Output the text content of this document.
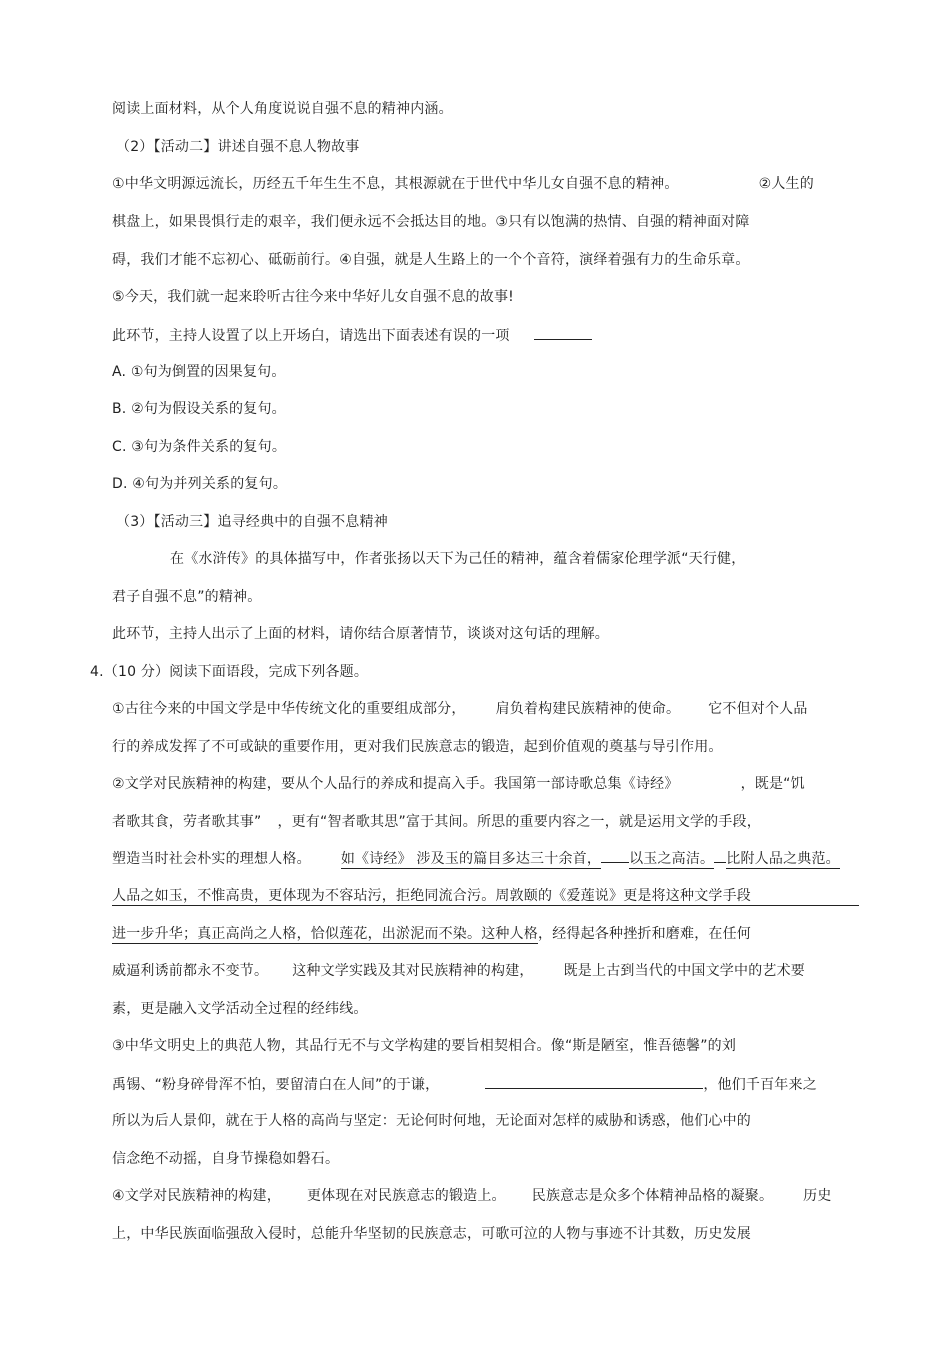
阅读上面材料，从个人角度说说自强不息的精神内涵。
（2）【活动二】讲述自强不息人物故事
①中华文明源远流长，历经五千年生生不息，其根源就在于世代中华儿女自强不息的精神。	②人生的
棋盘上，如果畏惧行走的艰辛，我们便永远不会抵达目的地。③只有以饱满的热情、自强的精神面对障
碍，我们才能不忘初心、砥砺前行。④自强，就是人生路上的一个个音符，演绎着强有力的生命乐章。
⑤今天，我们就一起来聆听古往今来中华好儿女自强不息的故事!
此环节，主持人设置了以上开场白，请选出下面表述有误的一项
A. ①句为倒置的因果复句。
B. ②句为假设关系的复句。
C. ③句为条件关系的复句。
D. ④句为并列关系的复句。
（3）【活动三】追寻经典中的自强不息精神
在《水浒传》的具体描写中，作者张扬以天下为己任的精神，蕴含着儒家伦理学派“天行健，
君子自强不息”的精神。
此环节，主持人出示了上面的材料，请你结合原著情节，谈谈对这句话的理解。
4.（10 分）阅读下面语段，完成下列各题。
①古往今来的中国文学是中华传统文化的重要组成部分， 肩负着构建民族精神的使命。 它不但对个人品
行的养成发挥了不可或缺的重要作用，更对我们民族意志的锻造，起到价值观的奠基与导引作用。
②文学对民族精神的构建，要从个人品行的养成和提高入手。我国第一部诗歌总集《诗经》	，既是“饥
者歌其食，劳者歌其事” ，更有“智者歌其思”富于其间。所思的重要内容之一，就是运用文学的手段，
塑造当时社会朴实的理想人格。 如《诗经》 涉及玉的篇目多达三十余首， 以玉之高洁。 比附人品之典范。
人品之如玉，不惟高贵，更体现为不容玷污，拒绝同流合污。周敦颐的《爱莲说》更是将这种文学手段
进一步升华；真正高尚之人格，恰似莲花，出淤泥而不染。这种人格，经得起各种挫折和磨难，在任何
威逼利诱前都永不变节。 这种文学实践及其对民族精神的构建， 既是上古到当代的中国文学中的艺术要
素，更是融入文学活动全过程的经纬线。
③中华文明史上的典范人物，其品行无不与文学构建的要旨相契相合。像“斯是陋室，惟吾德馨”的刘
禹锡、“粉身碎骨浑不怕，要留清白在人间”的于谦，	，他们千百年来之
所以为后人景仰，就在于人格的高尚与坚定：无论何时何地，无论面对怎样的威胁和诱惑，他们心中的
信念绝不动摇，自身节操稳如磐石。
④文学对民族精神的构建， 更体现在对民族意志的锻造上。 民族意志是众多个体精神品格的凝聚。 历史
上，中华民族面临强敌入侵时，总能升华坚韧的民族意志，可歌可泣的人物与事迹不计其数，历史发展
